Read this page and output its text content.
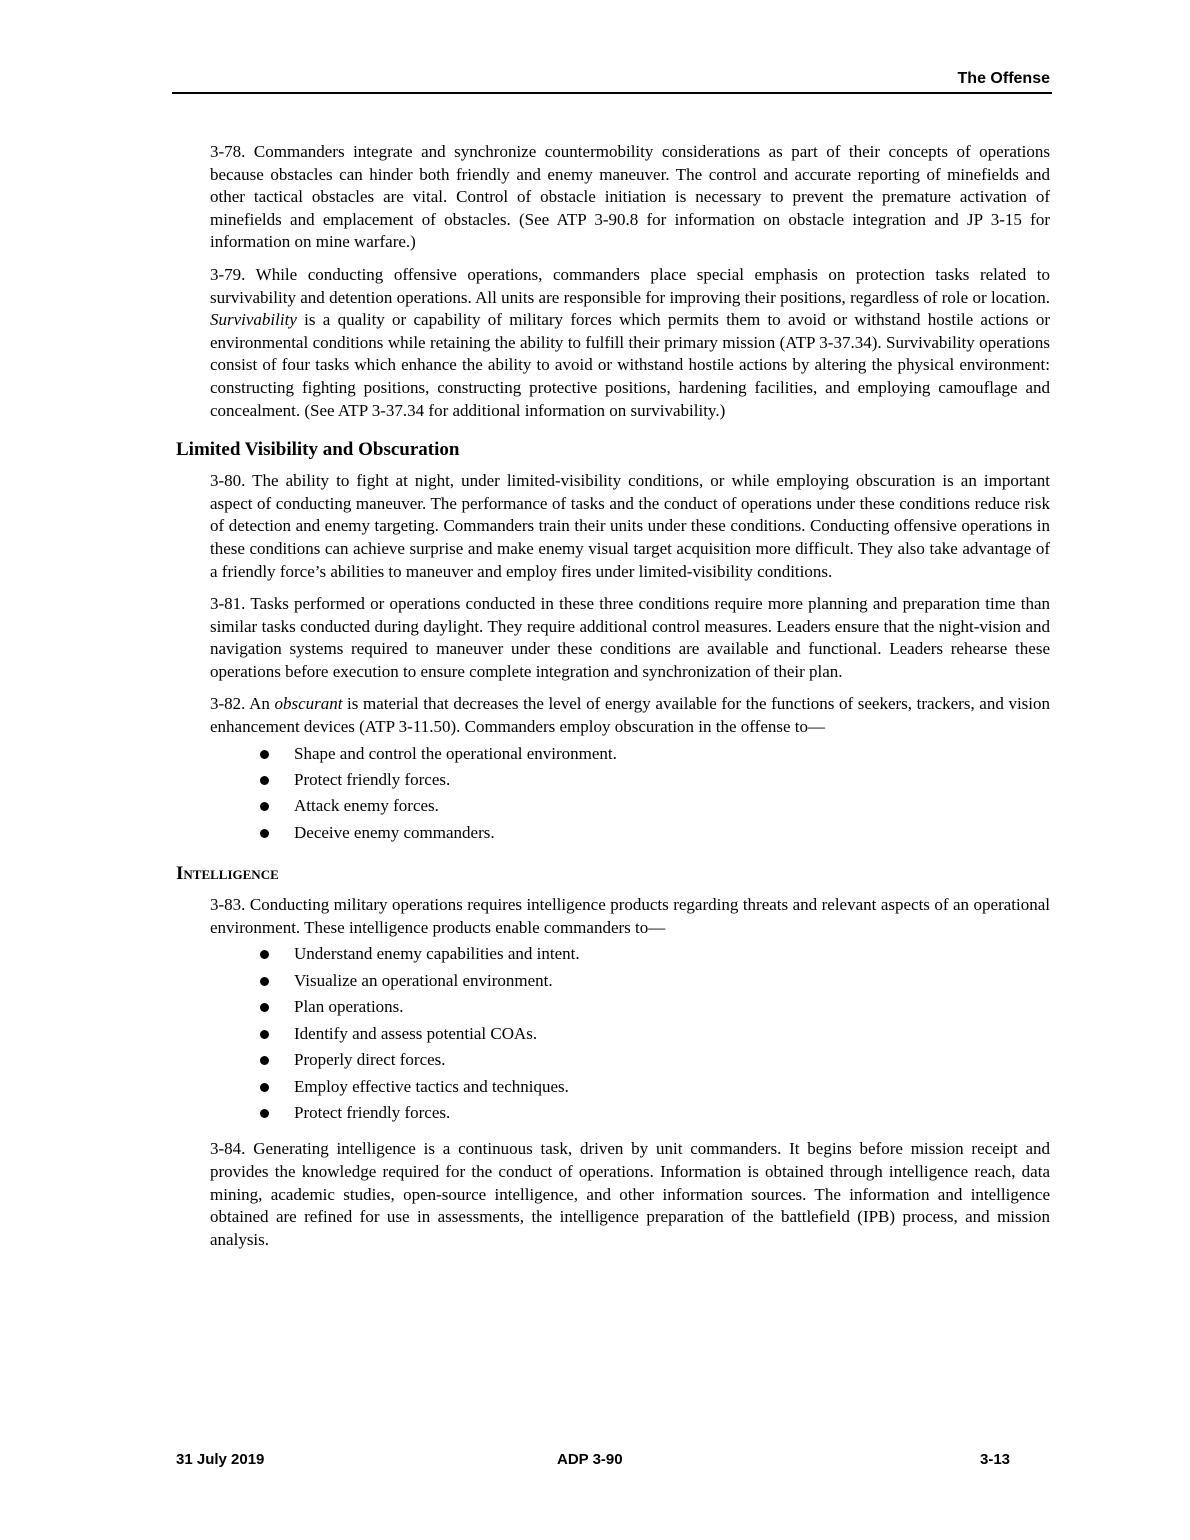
The Offense

3-78. Commanders integrate and synchronize countermobility considerations as part of their concepts of operations because obstacles can hinder both friendly and enemy maneuver. The control and accurate reporting of minefields and other tactical obstacles are vital. Control of obstacle initiation is necessary to prevent the premature activation of minefields and emplacement of obstacles. (See ATP 3-90.8 for information on obstacle integration and JP 3-15 for information on mine warfare.)

3-79. While conducting offensive operations, commanders place special emphasis on protection tasks related to survivability and detention operations. All units are responsible for improving their positions, regardless of role or location. Survivability is a quality or capability of military forces which permits them to avoid or withstand hostile actions or environmental conditions while retaining the ability to fulfill their primary mission (ATP 3-37.34). Survivability operations consist of four tasks which enhance the ability to avoid or withstand hostile actions by altering the physical environment: constructing fighting positions, constructing protective positions, hardening facilities, and employing camouflage and concealment. (See ATP 3-37.34 for additional information on survivability.)

Limited Visibility and Obscuration

3-80. The ability to fight at night, under limited-visibility conditions, or while employing obscuration is an important aspect of conducting maneuver. The performance of tasks and the conduct of operations under these conditions reduce risk of detection and enemy targeting. Commanders train their units under these conditions. Conducting offensive operations in these conditions can achieve surprise and make enemy visual target acquisition more difficult. They also take advantage of a friendly force’s abilities to maneuver and employ fires under limited-visibility conditions.

3-81. Tasks performed or operations conducted in these three conditions require more planning and preparation time than similar tasks conducted during daylight. They require additional control measures. Leaders ensure that the night-vision and navigation systems required to maneuver under these conditions are available and functional. Leaders rehearse these operations before execution to ensure complete integration and synchronization of their plan.

3-82. An obscurant is material that decreases the level of energy available for the functions of seekers, trackers, and vision enhancement devices (ATP 3-11.50). Commanders employ obscuration in the offense to—

Shape and control the operational environment.
Protect friendly forces.
Attack enemy forces.
Deceive enemy commanders.
Intelligence

3-83. Conducting military operations requires intelligence products regarding threats and relevant aspects of an operational environment. These intelligence products enable commanders to—

Understand enemy capabilities and intent.
Visualize an operational environment.
Plan operations.
Identify and assess potential COAs.
Properly direct forces.
Employ effective tactics and techniques.
Protect friendly forces.

3-84. Generating intelligence is a continuous task, driven by unit commanders. It begins before mission receipt and provides the knowledge required for the conduct of operations. Information is obtained through intelligence reach, data mining, academic studies, open-source intelligence, and other information sources. The information and intelligence obtained are refined for use in assessments, the intelligence preparation of the battlefield (IPB) process, and mission analysis.

31 July 2019	ADP 3-90	3-13
